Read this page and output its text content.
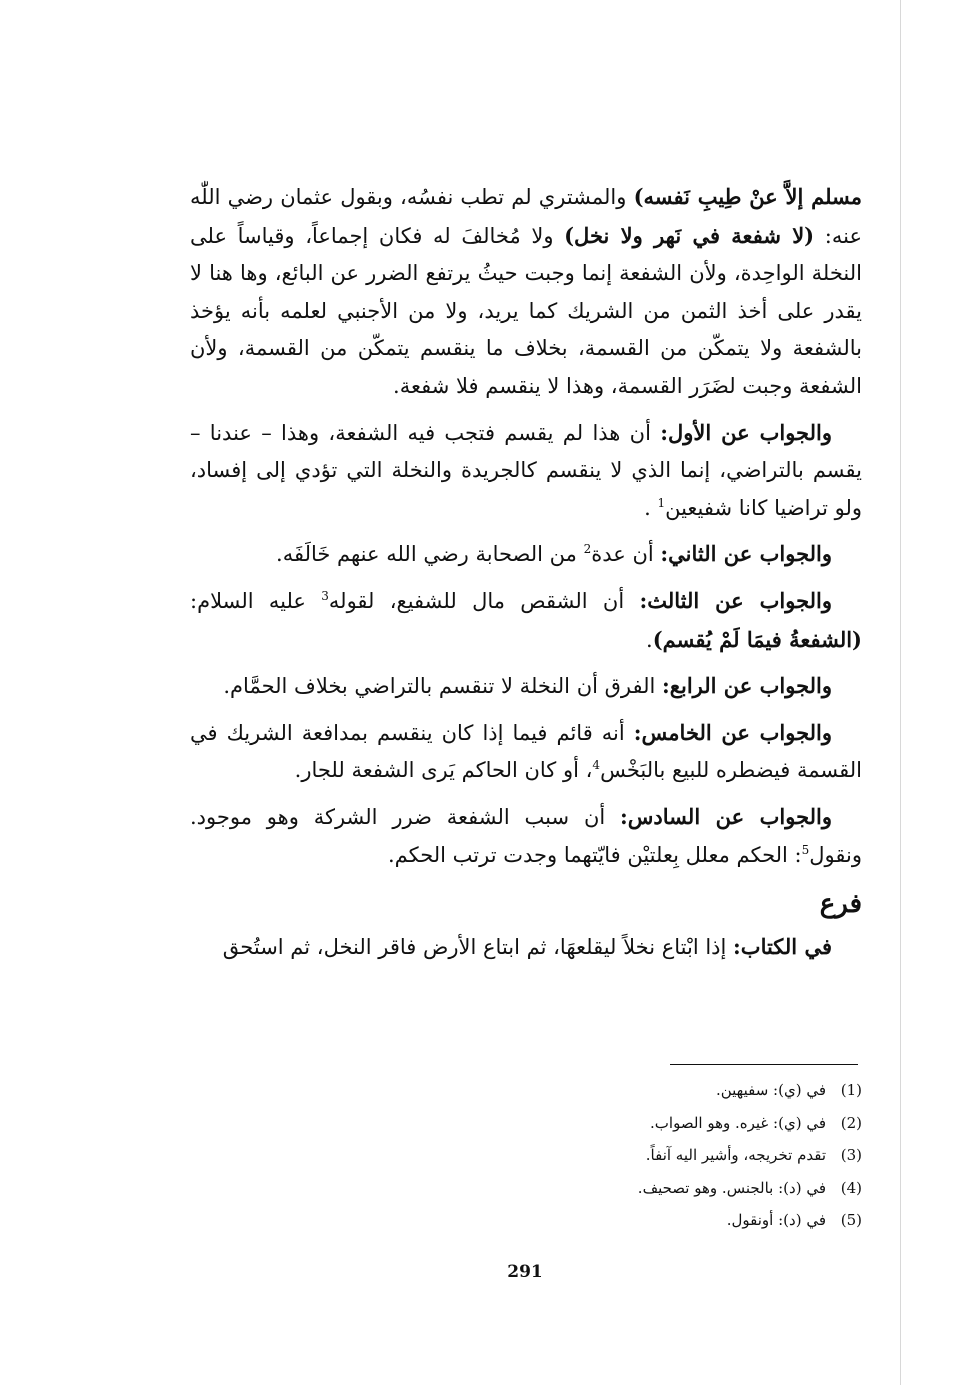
مسلم إلاَّ عنْ طِيبِ نَفسه) والمشتري لم تطب نفسُه، وبقول عثمان رضي اللّٰه عنه: (لا شفعة في نَهر ولا نخل) ولا مُخالفَ له فكان إجماعاً، وقياساً على النخلة الواحِدة، ولأن الشفعة إنما وجبت حيثُ يرتفع الضرر عن البائع، وها هنا لا يقدر على أخذ الثمن من الشريك كما يريد، ولا من الأجنبي لعلمه بأنه يؤخذ بالشفعة ولا يتمكّن من القسمة، بخلاف ما ينقسم يتمكّن من القسمة، ولأن الشفعة وجبت لضَرَر القسمة، وهذا لا ينقسم فلا شفعة.

والجواب عن الأول: أن هذا لم يقسم فتجب فيه الشفعة، وهذا – عندنا – يقسم بالتراضي، إنما الذي لا ينقسم كالجريدة والنخلة التي تؤدي إلى إفساد، ولو تراضيا كانا شفيعين$^1$ .

والجواب عن الثاني: أن عدة$^2$ من الصحابة رضي الله عنهم خَالَفَه.

والجواب عن الثالث: أن الشقص مال للشفيع، لقوله$^3$ عليه السلام: (الشفعةُ فيمَا لَمْ يُقسم).

والجواب عن الرابع: الفرق أن النخلة لا تنقسم بالتراضي بخلاف الحمَّام.

والجواب عن الخامس: أنه قائم فيما إذا كان ينقسم بمدافعة الشريك في القسمة فيضطره للبيع بالبَخْس$^4$، أو كان الحاكم يَرى الشفعة للجار.

والجواب عن السادس: أن سبب الشفعة ضرر الشركة وهو موجود. ونقول$^5$: الحكم معلل بِعلتيْن فايّتهما وجدت ترتب الحكم.

فرع

في الكتاب: إذا ابْتاع نخلاً ليقلعهَا، ثم ابتاع الأرض فاقر النخل، ثم استُحق

(1)
في (ي): سفيهين.
(2)
في (ي): غيره. وهو الصواب.
(3)
تقدم تخريجه، وأشير اليه آنفاً.
(4)
في (د): بالجنس. وهو تصحيف.
(5)
في (د): أونقول.
291
